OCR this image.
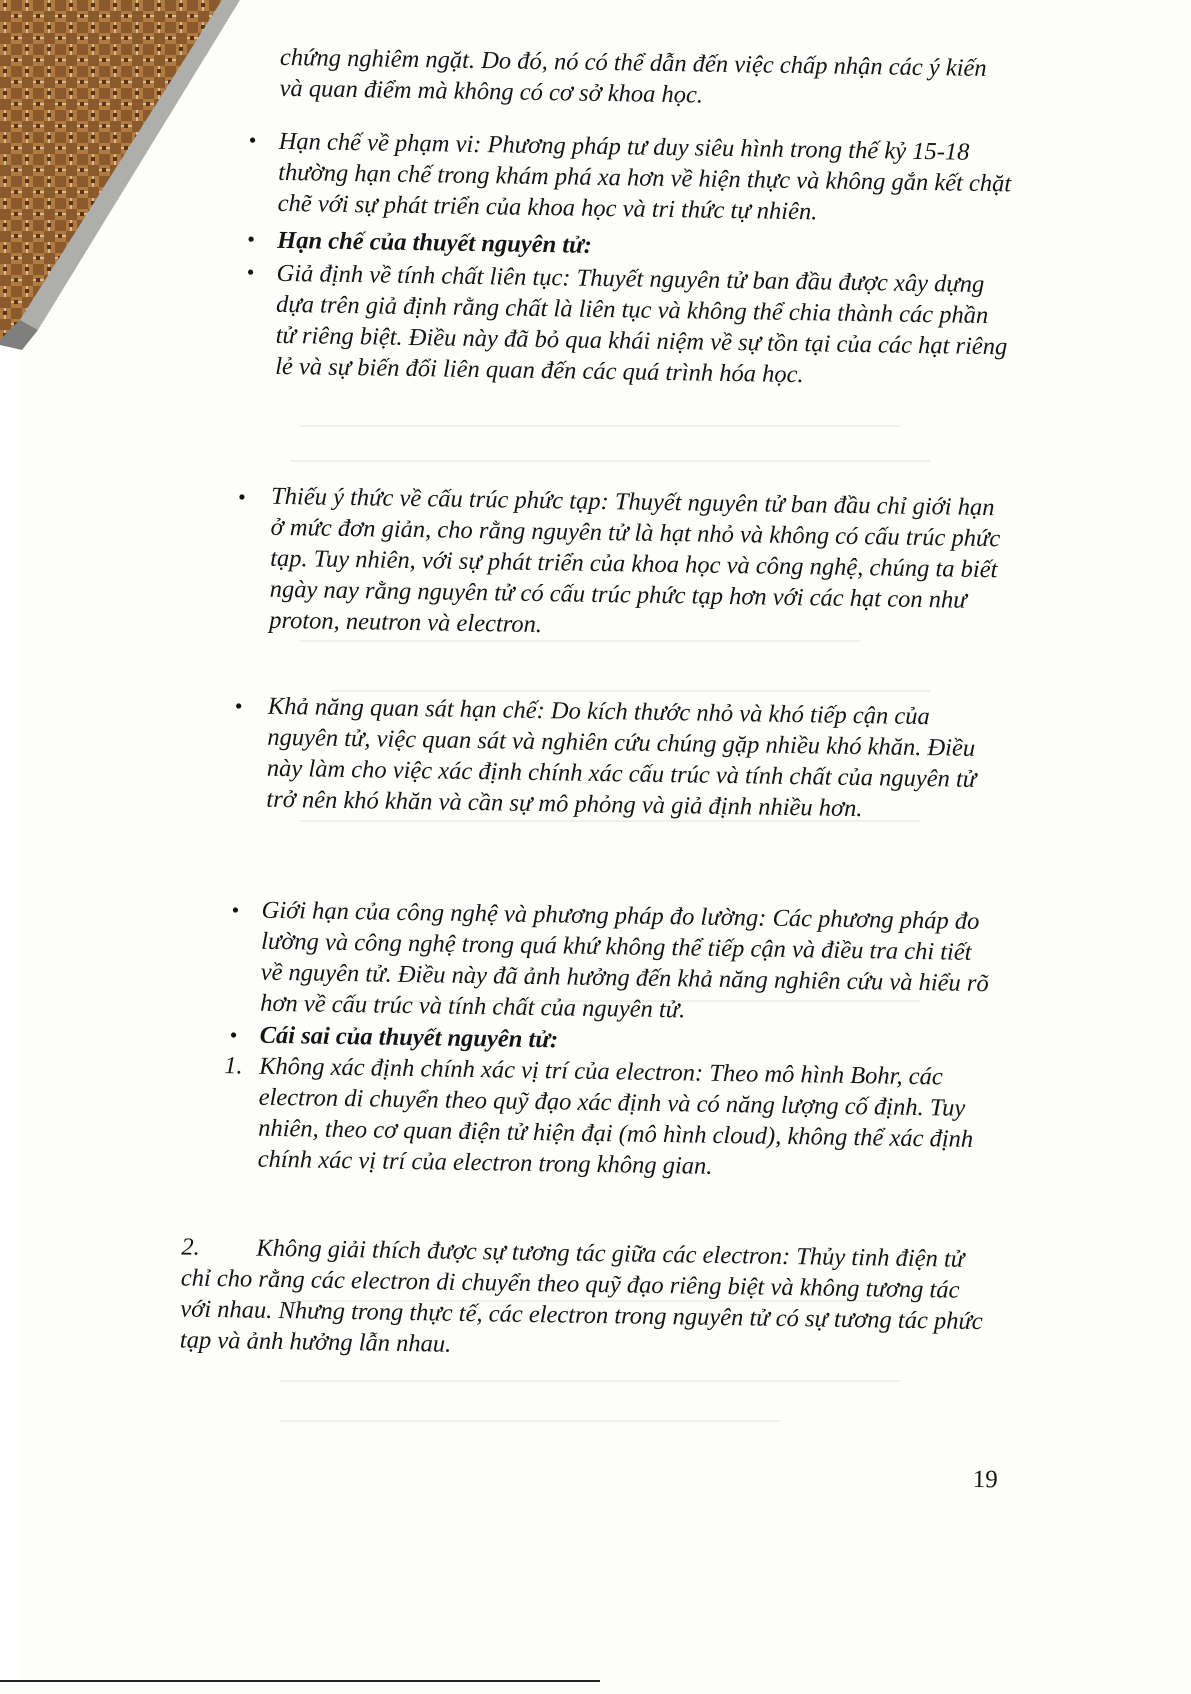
chứng nghiêm ngặt. Do đó, nó có thể dẫn đến việc chấp nhận các ý kiến và quan điểm mà không có cơ sở khoa học.

• Hạn chế về phạm vi: Phương pháp tư duy siêu hình trong thế kỷ 15-18 thường hạn chế trong khám phá xa hơn về hiện thực và không gắn kết chặt chẽ với sự phát triển của khoa học và tri thức tự nhiên.

• Hạn chế của thuyết nguyên tử:

• Giả định về tính chất liên tục: Thuyết nguyên tử ban đầu được xây dựng dựa trên giả định rằng chất là liên tục và không thể chia thành các phần tử riêng biệt. Điều này đã bỏ qua khái niệm về sự tồn tại của các hạt riêng lẻ và sự biến đổi liên quan đến các quá trình hóa học.

• Thiếu ý thức về cấu trúc phức tạp: Thuyết nguyên tử ban đầu chỉ giới hạn ở mức đơn giản, cho rằng nguyên tử là hạt nhỏ và không có cấu trúc phức tạp. Tuy nhiên, với sự phát triển của khoa học và công nghệ, chúng ta biết ngày nay rằng nguyên tử có cấu trúc phức tạp hơn với các hạt con như proton, neutron và electron.

• Khả năng quan sát hạn chế: Do kích thước nhỏ và khó tiếp cận của nguyên tử, việc quan sát và nghiên cứu chúng gặp nhiều khó khăn. Điều này làm cho việc xác định chính xác cấu trúc và tính chất của nguyên tử trở nên khó khăn và cần sự mô phỏng và giả định nhiều hơn.

• Giới hạn của công nghệ và phương pháp đo lường: Các phương pháp đo lường và công nghệ trong quá khứ không thể tiếp cận và điều tra chi tiết về nguyên tử. Điều này đã ảnh hưởng đến khả năng nghiên cứu và hiểu rõ hơn về cấu trúc và tính chất của nguyên tử.

• Cái sai của thuyết nguyên tử:

1. Không xác định chính xác vị trí của electron: Theo mô hình Bohr, các electron di chuyển theo quỹ đạo xác định và có năng lượng cố định. Tuy nhiên, theo cơ quan điện tử hiện đại (mô hình cloud), không thể xác định chính xác vị trí của electron trong không gian.

2.	Không giải thích được sự tương tác giữa các electron: Thủy tinh điện tử chỉ cho rằng các electron di chuyển theo quỹ đạo riêng biệt và không tương tác với nhau. Nhưng trong thực tế, các electron trong nguyên tử có sự tương tác phức tạp và ảnh hưởng lẫn nhau.

19
